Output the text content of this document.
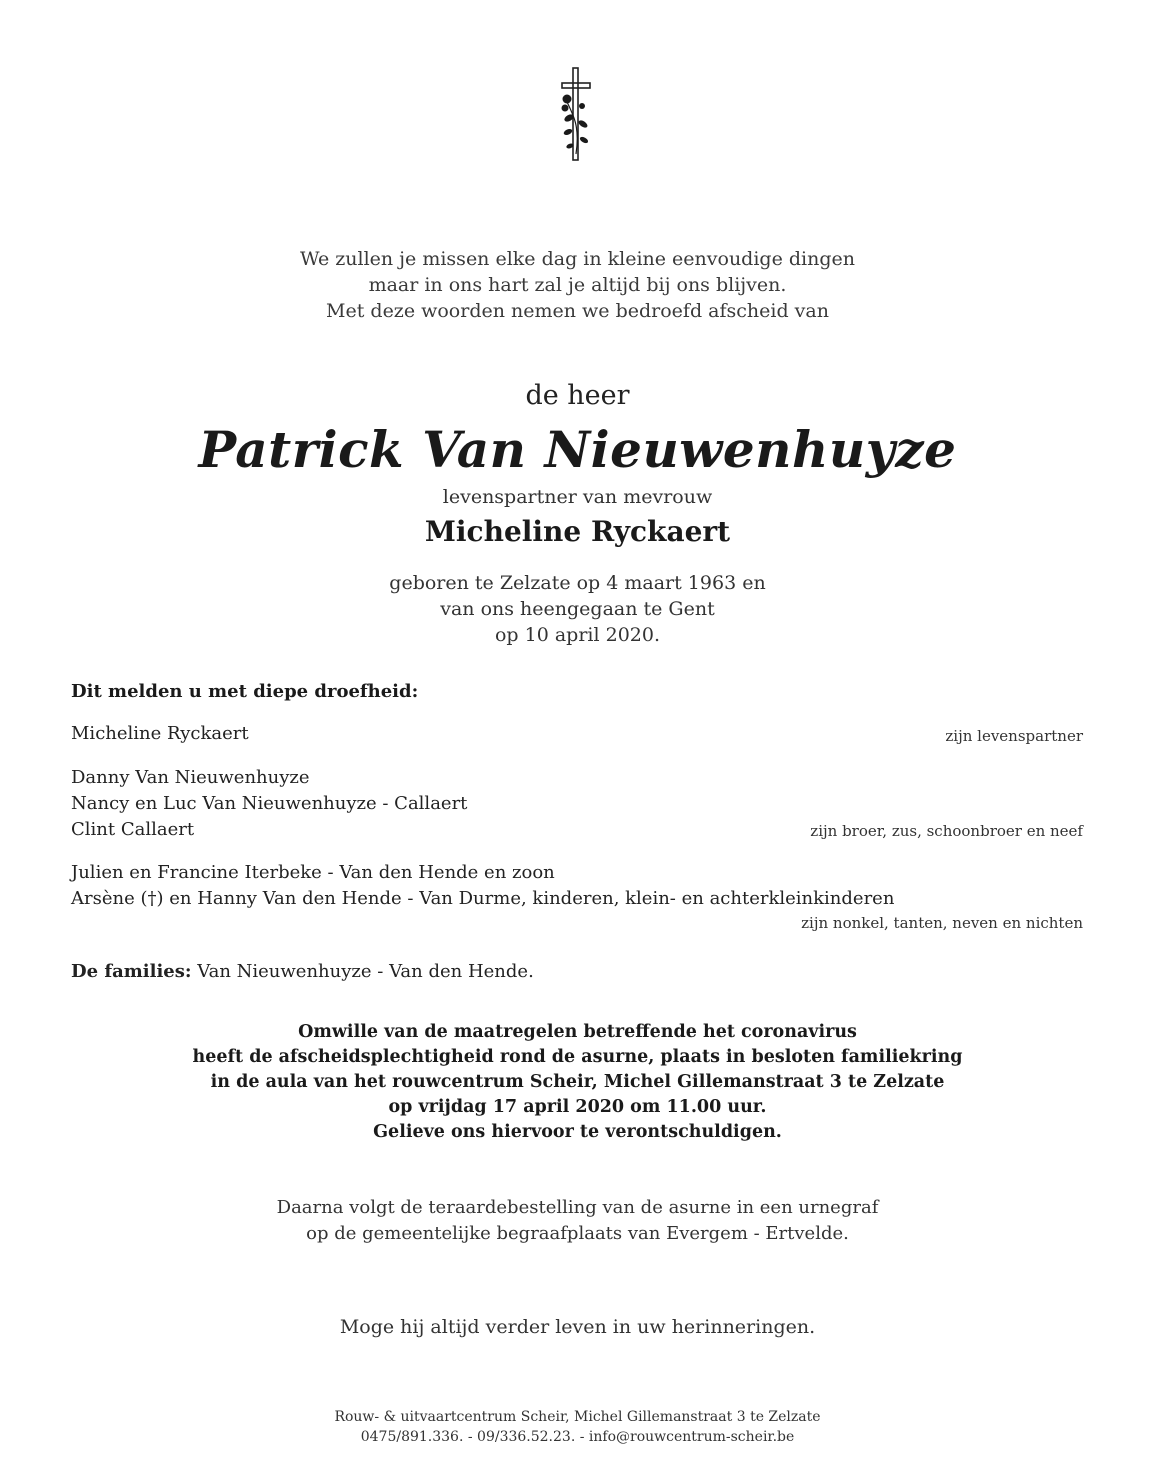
We zullen je missen elke dag in kleine eenvoudige dingen
maar in ons hart zal je altijd bij ons blijven.
Met deze woorden nemen we bedroefd afscheid van
de heer
Patrick Van Nieuwenhuyze
levenspartner van mevrouw
Micheline Ryckaert
geboren te Zelzate op 4 maart 1963 en
van ons heengegaan te Gent
op 10 april 2020.
Dit melden u met diepe droefheid:
Micheline Ryckaert	zijn levenspartner
Danny Van Nieuwenhuyze
Nancy en Luc Van Nieuwenhuyze - Callaert
Clint Callaert	zijn broer, zus, schoonbroer en neef
Julien en Francine Iterbeke - Van den Hende en zoon
Arsène (†) en Hanny Van den Hende - Van Durme, kinderen, klein- en achterkleinkinderen
zijn nonkel, tanten, neven en nichten
De families: Van Nieuwenhuyze - Van den Hende.
Omwille van de maatregelen betreffende het coronavirus
heeft de afscheidsplechtigheid rond de asurne, plaats in besloten familiekring
in de aula van het rouwcentrum Scheir, Michel Gillemanstraat 3 te Zelzate
op vrijdag 17 april 2020 om 11.00 uur.
Gelieve ons hiervoor te verontschuldigen.
Daarna volgt de teraardebestelling van de asurne in een urnegraf
op de gemeentelijke begraafplaats van Evergem - Ertvelde.
Moge hij altijd verder leven in uw herinneringen.
Rouw- & uitvaartcentrum Scheir, Michel Gillemanstraat 3 te Zelzate
0475/891.336. - 09/336.52.23. - info@rouwcentrum-scheir.be
